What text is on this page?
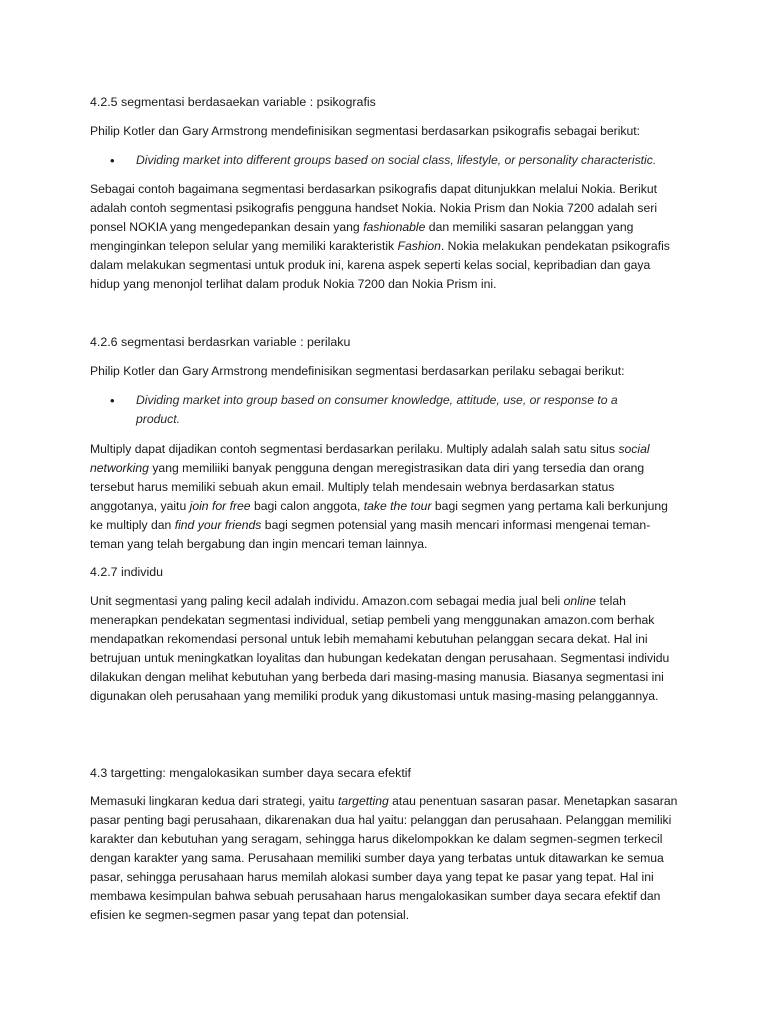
4.2.5 segmentasi berdasaekan variable : psikografis

Philip Kotler dan Gary Armstrong mendefinisikan segmentasi berdasarkan psikografis sebagai berikut:

• Dividing market into different groups based on social class, lifestyle, or personality characteristic.

Sebagai contoh bagaimana segmentasi berdasarkan psikografis dapat ditunjukkan melalui Nokia. Berikut adalah contoh segmentasi psikografis pengguna handset Nokia. Nokia Prism dan Nokia 7200 adalah seri ponsel NOKIA yang mengedepankan desain yang fashionable dan memiliki sasaran pelanggan yang menginginkan telepon selular yang memiliki karakteristik Fashion. Nokia melakukan pendekatan psikografis dalam melakukan segmentasi untuk produk ini, karena aspek seperti kelas social, kepribadian dan gaya hidup yang menonjol terlihat dalam produk Nokia 7200 dan Nokia Prism ini.

4.2.6 segmentasi berdasrkan variable : perilaku

Philip Kotler dan Gary Armstrong mendefinisikan segmentasi berdasarkan perilaku sebagai berikut:

• Dividing market into group based on consumer knowledge, attitude, use, or response to a product.

Multiply dapat dijadikan contoh segmentasi berdasarkan perilaku. Multiply adalah salah satu situs social networking yang memiliiki banyak pengguna dengan meregistrasikan data diri yang tersedia dan orang tersebut harus memiliki sebuah akun email. Multiply telah mendesain webnya berdasarkan status anggotanya, yaitu join for free bagi calon anggota, take the tour bagi segmen yang pertama kali berkunjung ke multiply dan find your friends bagi segmen potensial yang masih mencari informasi mengenai teman-teman yang telah bergabung dan ingin mencari teman lainnya.

4.2.7 individu

Unit segmentasi yang paling kecil adalah individu. Amazon.com sebagai media jual beli online telah menerapkan pendekatan segmentasi individual, setiap pembeli yang menggunakan amazon.com berhak mendapatkan rekomendasi personal untuk lebih memahami kebutuhan pelanggan secara dekat. Hal ini betrujuan untuk meningkatkan loyalitas dan hubungan kedekatan dengan perusahaan. Segmentasi individu dilakukan dengan melihat kebutuhan yang berbeda dari masing-masing manusia. Biasanya segmentasi ini digunakan oleh perusahaan yang memiliki produk yang dikustomasi untuk masing-masing pelanggannya.

4.3 targetting: mengalokasikan sumber daya secara efektif

Memasuki lingkaran kedua dari strategi, yaitu targetting atau penentuan sasaran pasar. Menetapkan sasaran pasar penting bagi perusahaan, dikarenakan dua hal yaitu: pelanggan dan perusahaan. Pelanggan memiliki karakter dan kebutuhan yang seragam, sehingga harus dikelompokkan ke dalam segmen-segmen terkecil dengan karakter yang sama. Perusahaan memiliki sumber daya yang terbatas untuk ditawarkan ke semua pasar, sehingga perusahaan harus memilah alokasi sumber daya yang tepat ke pasar yang tepat. Hal ini membawa kesimpulan bahwa sebuah perusahaan harus mengalokasikan sumber daya secara efektif dan efisien ke segmen-segmen pasar yang tepat dan potensial.
